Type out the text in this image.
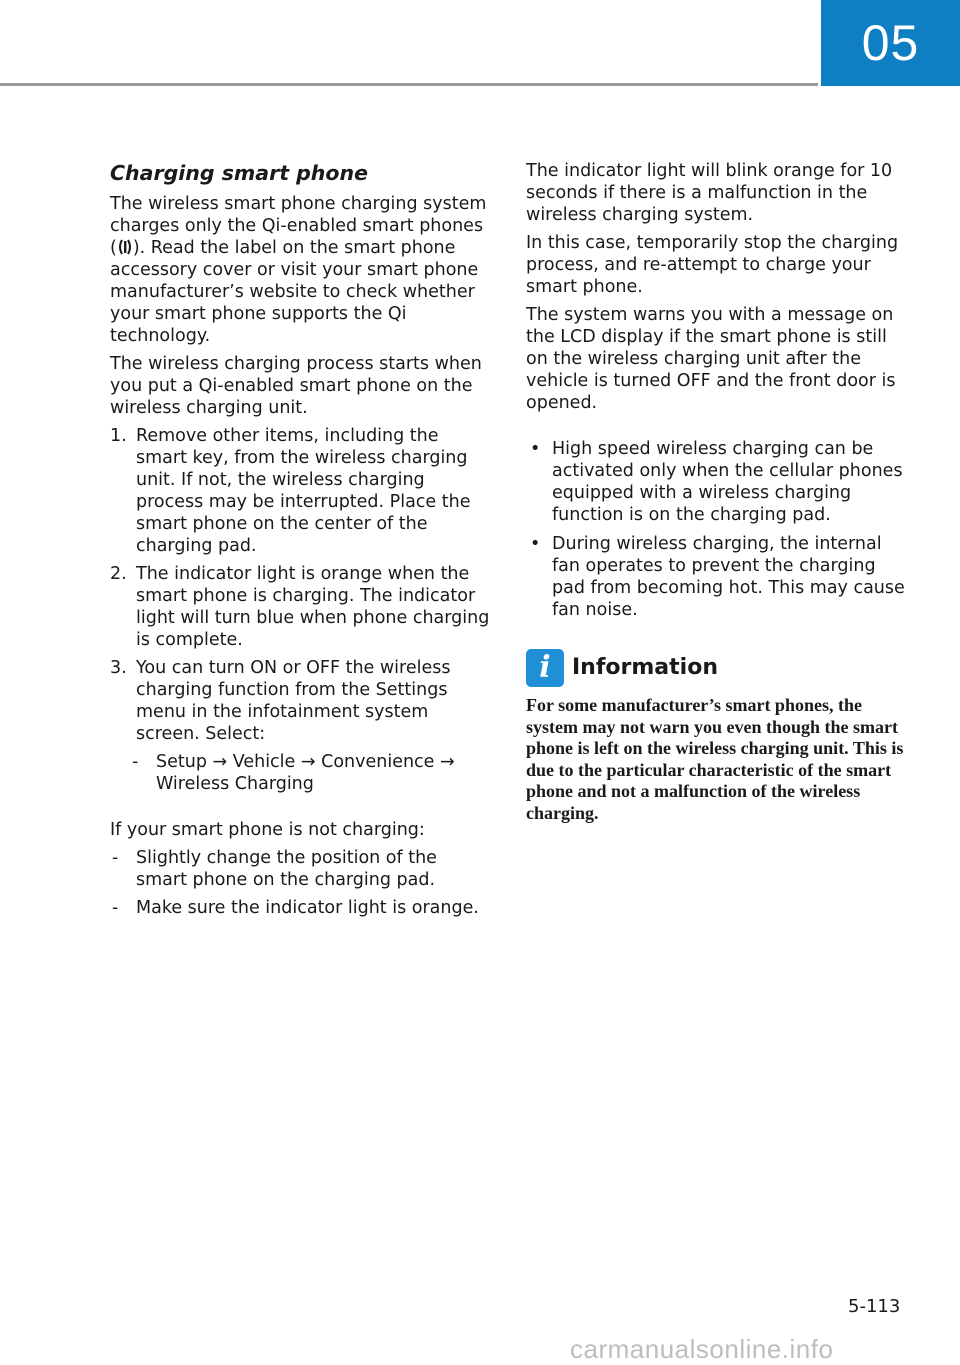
05
Charging smart phone

The wireless smart phone charging system charges only the Qi-enabled smart phones ( ). Read the label on the smart phone accessory cover or visit your smart phone manufacturer’s website to check whether your smart phone supports the Qi technology.

The wireless charging process starts when you put a Qi-enabled smart phone on the wireless charging unit.

1. Remove other items, including the smart key, from the wireless charging unit. If not, the wireless charging process may be interrupted. Place the smart phone on the center of the charging pad.
2. The indicator light is orange when the smart phone is charging. The indicator light will turn blue when phone charging is complete.
3. You can turn ON or OFF the wireless charging function from the Settings menu in the infotainment system screen. Select:
- Setup → Vehicle → Convenience → Wireless Charging

If your smart phone is not charging:

- Slightly change the position of the smart phone on the charging pad.
- Make sure the indicator light is orange.

The indicator light will blink orange for 10 seconds if there is a malfunction in the wireless charging system.

In this case, temporarily stop the charging process, and re-attempt to charge your smart phone.

The system warns you with a message on the LCD display if the smart phone is still on the wireless charging unit after the vehicle is turned OFF and the front door is opened.

• High speed wireless charging can be activated only when the cellular phones equipped with a wireless charging function is on the charging pad.
• During wireless charging, the internal fan operates to prevent the charging pad from becoming hot. This may cause fan noise.
i Information
For some manufacturer’s smart phones, the system may not warn you even though the smart phone is left on the wireless charging unit. This is due to the particular characteristic of the smart phone and not a malfunction of the wireless charging.
5-113
carmanualsonline.info
